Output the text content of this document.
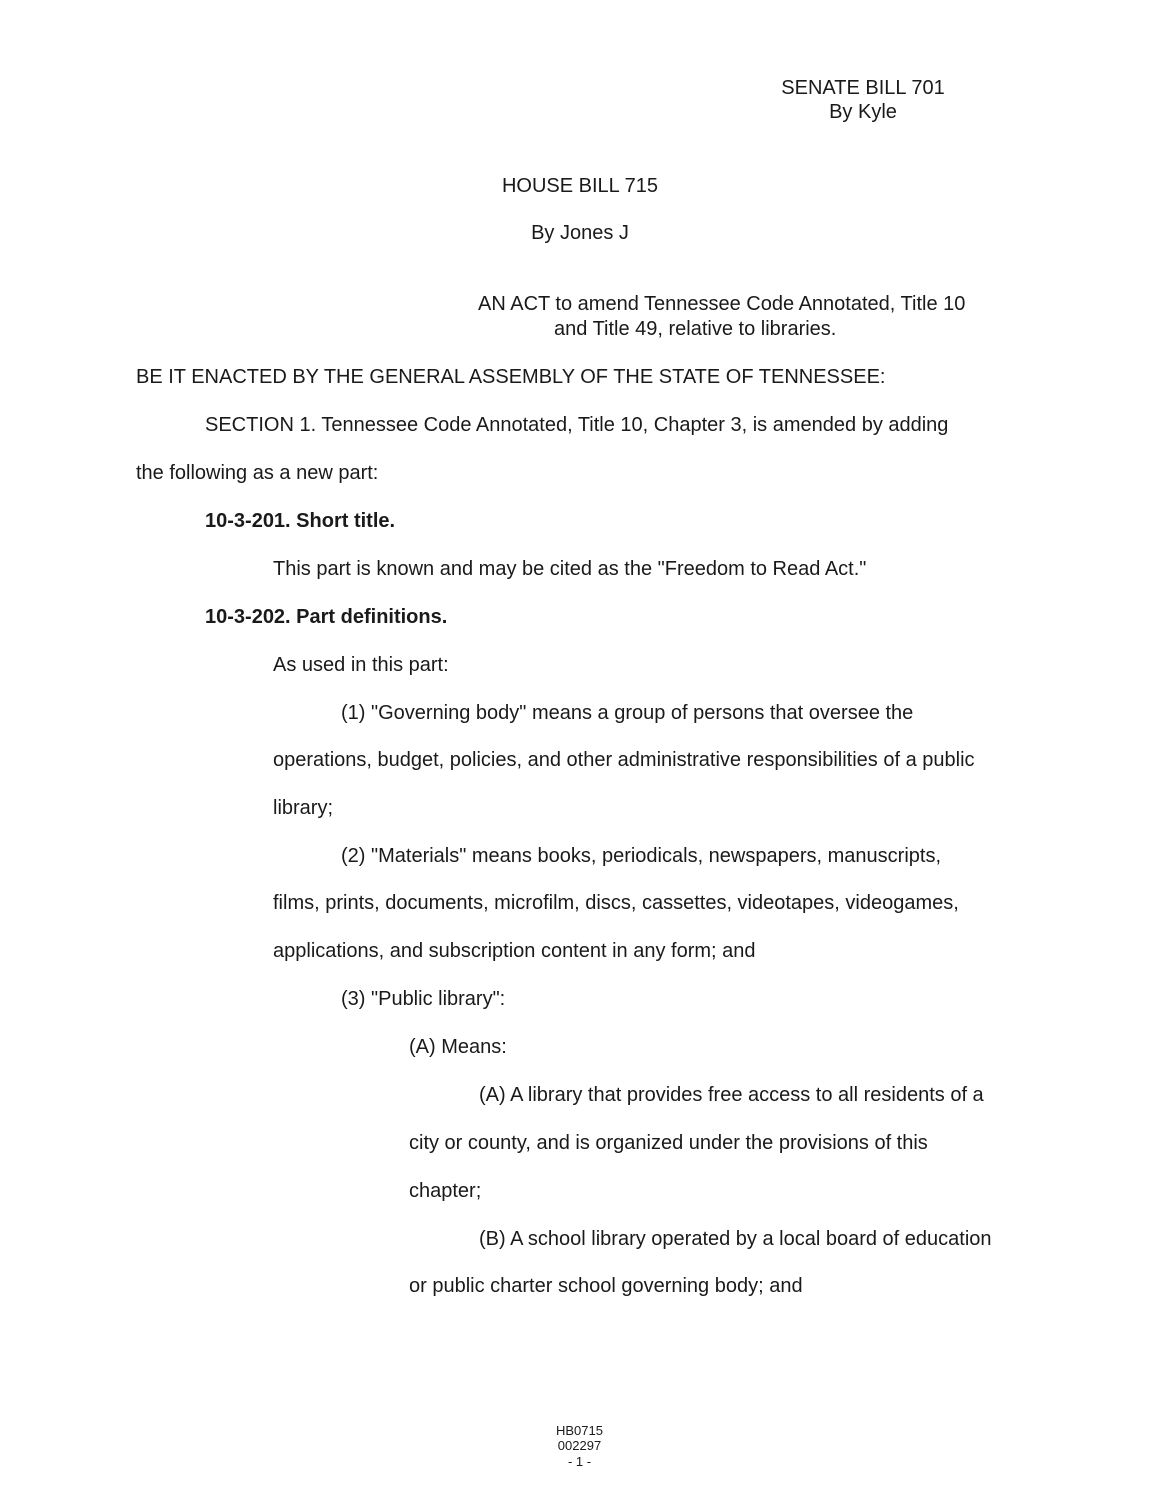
SENATE BILL 701
By Kyle
HOUSE BILL 715
By Jones J
AN ACT to amend Tennessee Code Annotated, Title 10
and Title 49, relative to libraries.
BE IT ENACTED BY THE GENERAL ASSEMBLY OF THE STATE OF TENNESSEE:
SECTION 1. Tennessee Code Annotated, Title 10, Chapter 3, is amended by adding
the following as a new part:
10-3-201. Short title.
This part is known and may be cited as the "Freedom to Read Act."
10-3-202. Part definitions.
As used in this part:
(1) "Governing body" means a group of persons that oversee the
operations, budget, policies, and other administrative responsibilities of a public
library;
(2) "Materials" means books, periodicals, newspapers, manuscripts,
films, prints, documents, microfilm, discs, cassettes, videotapes, videogames,
applications, and subscription content in any form; and
(3) "Public library":
(A) Means:
(A) A library that provides free access to all residents of a
city or county, and is organized under the provisions of this
chapter;
(B) A school library operated by a local board of education
or public charter school governing body; and
HB0715
002297
- 1 -
